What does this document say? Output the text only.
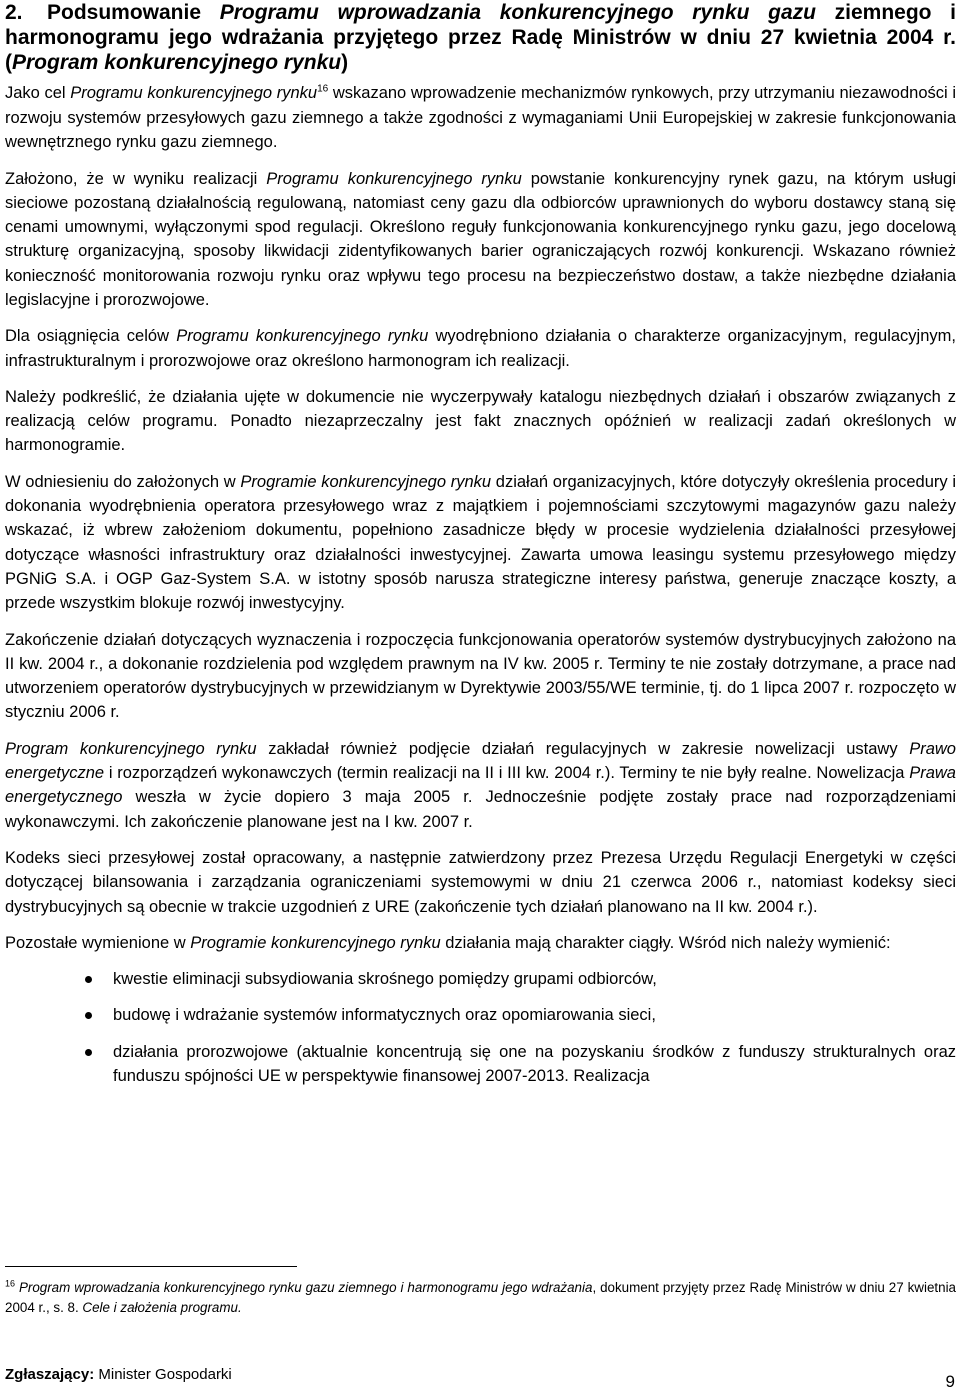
2. Podsumowanie Programu wprowadzania konkurencyjnego rynku gazu ziemnego i harmonogramu jego wdrażania przyjętego przez Radę Ministrów w dniu 27 kwietnia 2004 r. (Program konkurencyjnego rynku)
Jako cel Programu konkurencyjnego rynku$^{16}$ wskazano wprowadzenie mechanizmów rynkowych, przy utrzymaniu niezawodności i rozwoju systemów przesyłowych gazu ziemnego a także zgodności z wymaganiami Unii Europejskiej w zakresie funkcjonowania wewnętrznego rynku gazu ziemnego.
Założono, że w wyniku realizacji Programu konkurencyjnego rynku powstanie konkurencyjny rynek gazu, na którym usługi sieciowe pozostaną działalnością regulowaną, natomiast ceny gazu dla odbiorców uprawnionych do wyboru dostawcy staną się cenami umownymi, wyłączonymi spod regulacji. Określono reguły funkcjonowania konkurencyjnego rynku gazu, jego docelową strukturę organizacyjną, sposoby likwidacji zidentyfikowanych barier ograniczających rozwój konkurencji. Wskazano również konieczność monitorowania rozwoju rynku oraz wpływu tego procesu na bezpieczeństwo dostaw, a także niezbędne działania legislacyjne i prorozwojowe.
Dla osiągnięcia celów Programu konkurencyjnego rynku wyodrębniono działania o charakterze organizacyjnym, regulacyjnym, infrastrukturalnym i prorozwojowe oraz określono harmonogram ich realizacji.
Należy podkreślić, że działania ujęte w dokumencie nie wyczerpywały katalogu niezbędnych działań i obszarów związanych z realizacją celów programu. Ponadto niezaprzeczalny jest fakt znacznych opóźnień w realizacji zadań określonych w harmonogramie.
W odniesieniu do założonych w Programie konkurencyjnego rynku działań organizacyjnych, które dotyczyły określenia procedury i dokonania wyodrębnienia operatora przesyłowego wraz z majątkiem i pojemnościami szczytowymi magazynów gazu należy wskazać, iż wbrew założeniom dokumentu, popełniono zasadnicze błędy w procesie wydzielenia działalności przesyłowej dotyczące własności infrastruktury oraz działalności inwestycyjnej. Zawarta umowa leasingu systemu przesyłowego między PGNiG S.A. i OGP Gaz-System S.A. w istotny sposób narusza strategiczne interesy państwa, generuje znaczące koszty, a przede wszystkim blokuje rozwój inwestycyjny.
Zakończenie działań dotyczących wyznaczenia i rozpoczęcia funkcjonowania operatorów systemów dystrybucyjnych założono na II kw. 2004 r., a dokonanie rozdzielenia pod względem prawnym na IV kw. 2005 r. Terminy te nie zostały dotrzymane, a prace nad utworzeniem operatorów dystrybucyjnych w przewidzianym w Dyrektywie 2003/55/WE terminie, tj. do 1 lipca 2007 r. rozpoczęto w styczniu 2006 r.
Program konkurencyjnego rynku zakładał również podjęcie działań regulacyjnych w zakresie nowelizacji ustawy Prawo energetyczne i rozporządzeń wykonawczych (termin realizacji na II i III kw. 2004 r.). Terminy te nie były realne. Nowelizacja Prawa energetycznego weszła w życie dopiero 3 maja 2005 r. Jednocześnie podjęte zostały prace nad rozporządzeniami wykonawczymi. Ich zakończenie planowane jest na I kw. 2007 r.
Kodeks sieci przesyłowej został opracowany, a następnie zatwierdzony przez Prezesa Urzędu Regulacji Energetyki w części dotyczącej bilansowania i zarządzania ograniczeniami systemowymi w dniu 21 czerwca 2006 r., natomiast kodeksy sieci dystrybucyjnych są obecnie w trakcie uzgodnień z URE (zakończenie tych działań planowano na II kw. 2004 r.).
Pozostałe wymienione w Programie konkurencyjnego rynku działania mają charakter ciągły. Wśród nich należy wymienić:
kwestie eliminacji subsydiowania skrośnego pomiędzy grupami odbiorców,
budowę i wdrażanie systemów informatycznych oraz opomiarowania sieci,
działania prorozwojowe (aktualnie koncentrują się one na pozyskaniu środków z funduszy strukturalnych oraz funduszu spójności UE w perspektywie finansowej 2007-2013. Realizacja
$^{16}$ Program wprowadzania konkurencyjnego rynku gazu ziemnego i harmonogramu jego wdrażania, dokument przyjęty przez Radę Ministrów w dniu 27 kwietnia 2004 r., s. 8. Cele i założenia programu.
Zgłaszający: Minister Gospodarki	9
